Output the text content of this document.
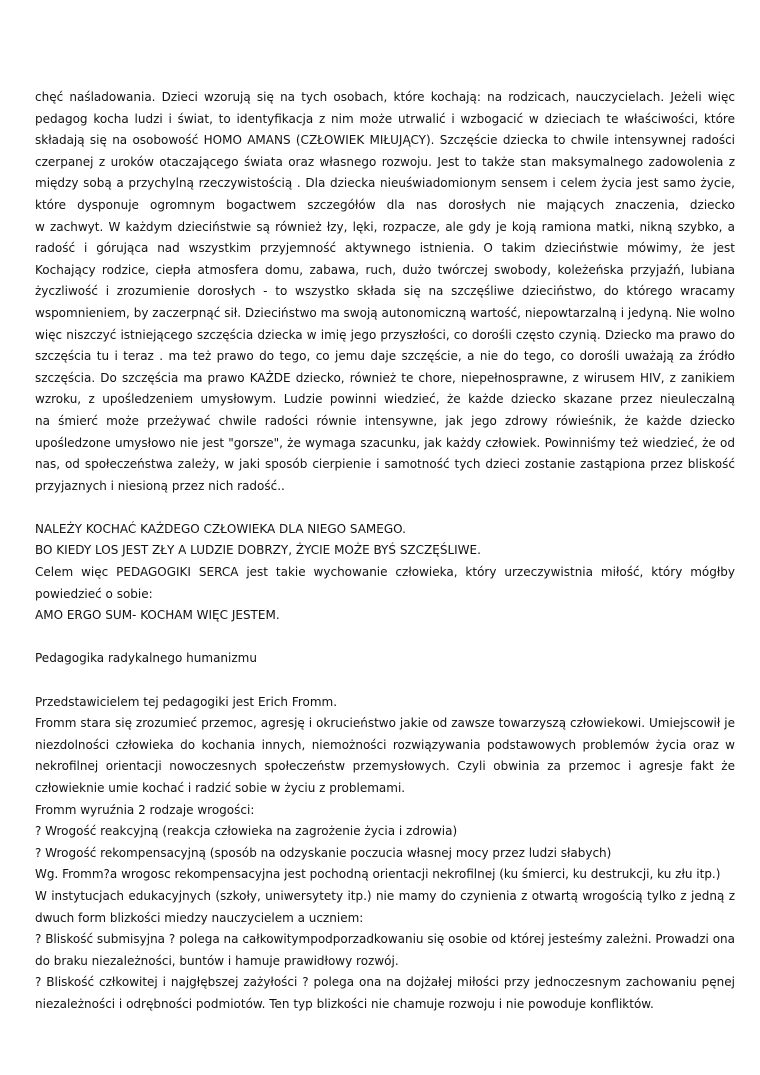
chęć naśladowania. Dzieci wzorują się na tych osobach, które kochają: na rodzicach, nauczycielach. Jeżeli więc
pedagog kocha ludzi i świat, to identyfikacja z nim może utrwalić i wzbogacić w dzieciach te właściwości, które
składają się na osobowość HOMO AMANS (CZŁOWIEK MIŁUJĄCY). Szczęście dziecka to chwile intensywnej radości
czerpanej z uroków otaczającego świata oraz własnego rozwoju. Jest to także stan maksymalnego zadowolenia z
między sobą a przychylną rzeczywistością . Dla dziecka nieuświadomionym sensem i celem życia jest samo życie,
które dysponuje ogromnym bogactwem szczegółów dla nas dorosłych nie mających znaczenia, dziecko
w zachwyt. W każdym dzieciństwie są również łzy, lęki, rozpacze, ale gdy je koją ramiona matki, nikną szybko, a
radość i górująca nad wszystkim przyjemność aktywnego istnienia. O takim dzieciństwie mówimy, że jest
Kochający rodzice, ciepła atmosfera domu, zabawa, ruch, dużo twórczej swobody, koleżeńska przyjaźń, lubiana
życzliwość i zrozumienie dorosłych - to wszystko składa się na szczęśliwe dzieciństwo, do którego wracamy
wspomnieniem, by zaczerpnąć sił. Dzieciństwo ma swoją autonomiczną wartość, niepowtarzalną i jedyną. Nie wolno
więc niszczyć istniejącego szczęścia dziecka w imię jego przyszłości, co dorośli często czynią. Dziecko ma prawo do
szczęścia tu i teraz . ma też prawo do tego, co jemu daje szczęście, a nie do tego, co dorośli uważają za źródło
szczęścia. Do szczęścia ma prawo KAŻDE dziecko, również te chore, niepełnosprawne, z wirusem HIV, z zanikiem
wzroku, z upośledzeniem umysłowym. Ludzie powinni wiedzieć, że każde dziecko skazane przez nieuleczalną
na śmierć może przeżywać chwile radości równie intensywne, jak jego zdrowy rówieśnik, że każde dziecko
upośledzone umysłowo nie jest "gorsze", że wymaga szacunku, jak każdy człowiek. Powinniśmy też wiedzieć, że od
nas, od społeczeństwa zależy, w jaki sposób cierpienie i samotność tych dzieci zostanie zastąpiona przez bliskość
przyjaznych i niesioną przez nich radość..
NALEŻY KOCHAĆ KAŻDEGO CZŁOWIEKA DLA NIEGO SAMEGO.
BO KIEDY LOS JEST ZŁY A LUDZIE DOBRZY, ŻYCIE MOŻE BYŚ SZCZĘŚLIWE.
Celem więc PEDAGOGIKI SERCA jest takie wychowanie człowieka, który urzeczywistnia miłość, który mógłby
powiedzieć o sobie:
AMO ERGO SUM- KOCHAM WIĘC JESTEM.
Pedagogika radykalnego humanizmu
Przedstawicielem tej pedagogiki jest Erich Fromm.
Fromm stara się zrozumieć przemoc, agresję i okrucieństwo jakie od zawsze towarzyszą człowiekowi. Umiejscowił je
niezdolności człowieka do kochania innych, niemożności rozwiązywania podstawowych problemów życia oraz w
nekrofilnej orientacji nowoczesnych społeczeństw przemysłowych. Czyli obwinia za przemoc i agresje fakt że
człowieknie umie kochać i radzić sobie w życiu z problemami.
Fromm wyruźnia 2 rodzaje wrogości:
? Wrogość reakcyjną (reakcja człowieka na zagrożenie życia i zdrowia)
? Wrogość rekompensacyjną (sposób na odzyskanie poczucia własnej mocy przez ludzi słabych)
Wg. Fromm?a wrogosc rekompensacyjna jest pochodną orientacji nekrofilnej (ku śmierci, ku destrukcji, ku złu itp.)
W instytucjach edukacyjnych (szkoły, uniwersytety itp.) nie mamy do czynienia z otwartą wrogością tylko z jedną z
dwuch form blizkości miedzy nauczycielem a uczniem:
? Bliskość submisyjna ? polega na całkowitympodporzadkowaniu się osobie od której jesteśmy zależni. Prowadzi ona
do braku niezależności, buntów i hamuje prawidłowy rozwój.
? Bliskość człkowitej i najgłębszej zażyłości ? polega ona na dojżałej miłości przy jednoczesnym zachowaniu pęnej
niezależności i odrębności podmiotów. Ten typ blizkości nie chamuje rozwoju i nie powoduje konfliktów.
